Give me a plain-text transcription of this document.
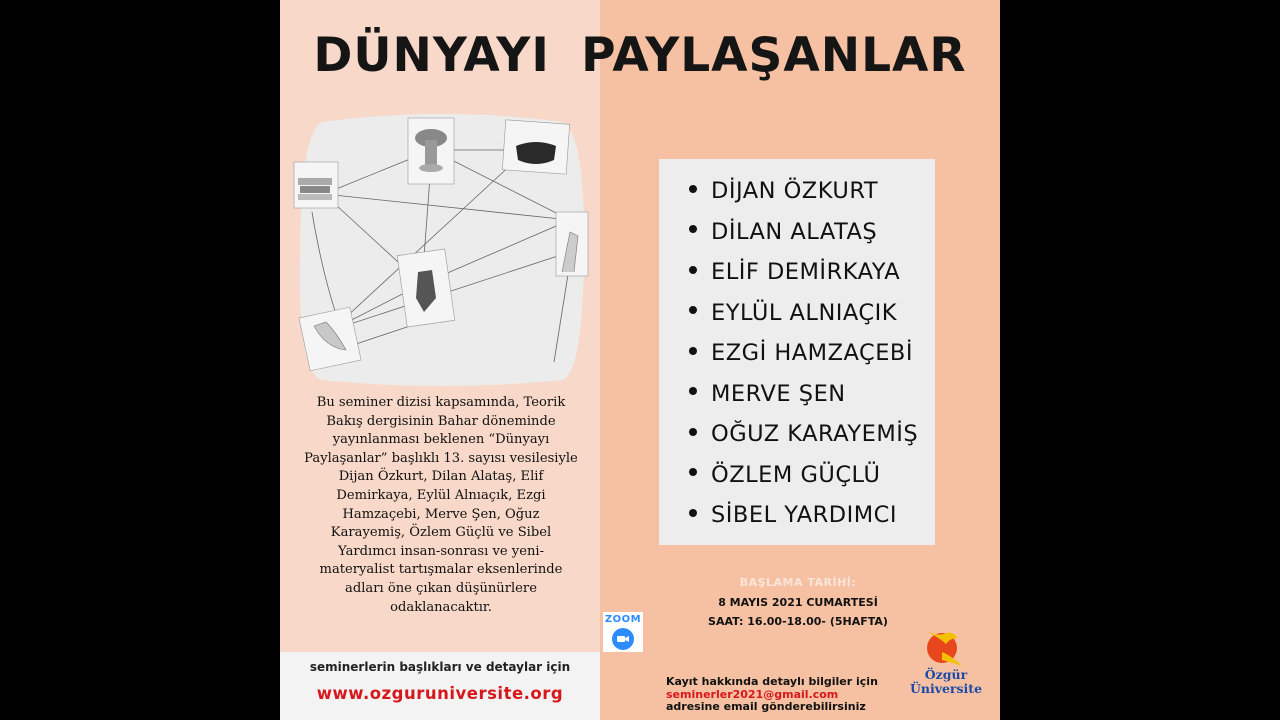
DÜNYAYI PAYLAŞANLAR
Bu seminer dizisi kapsamında, Teorik Bakış dergisinin Bahar döneminde yayınlanması beklenen “Dünyayı Paylaşanlar” başlıklı 13. sayısı vesilesiyle Dijan Özkurt, Dilan Alataş, Elif Demirkaya, Eylül Alnıaçık, Ezgi Hamzaçebi, Merve Şen, Oğuz Karayemiş, Özlem Güçlü ve Sibel Yardımcı insan-sonrası ve yeni-materyalist tartışmalar eksenlerinde adları öne çıkan düşünürlere odaklanacaktır.
DİJAN ÖZKURT
DİLAN ALATAŞ
ELİF DEMİRKAYA
EYLÜL ALNIAÇIK
EZGİ HAMZAÇEBİ
MERVE ŞEN
OĞUZ KARAYEMİŞ
ÖZLEM GÜÇLÜ
SİBEL YARDIMCI
BAŞLAMA TARİHİ:
8 MAYIS 2021 CUMARTESİ
SAAT: 16.00-18.00- (5HAFTA)
ZOOM
seminerlerin başlıkları ve detaylar için
www.ozguruniversite.org
Kayıt hakkında detaylı bilgiler için
seminerler2021@gmail.com
adresine email gönderebilirsiniz
Özgür
Üniversite
